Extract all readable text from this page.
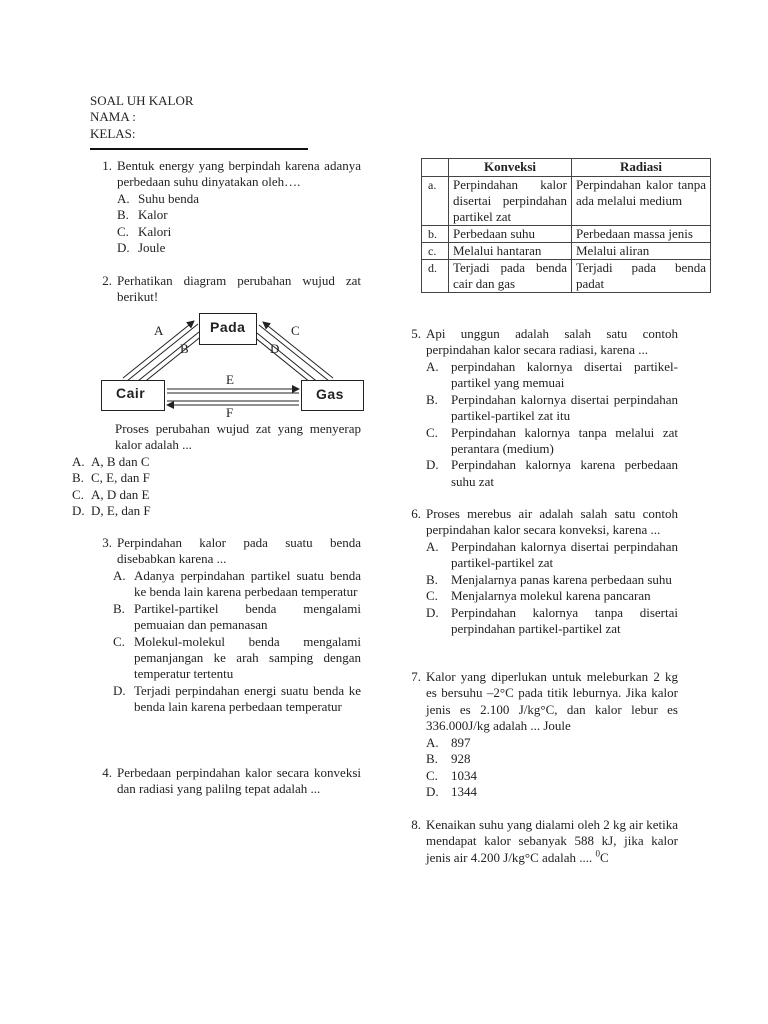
SOAL UH KALOR
NAMA :
KELAS:
1. Bentuk energy yang berpindah karena adanya perbedaan suhu dinyatakan oleh….
A. Suhu benda
B. Kalor
C. Kalori
D. Joule
2. Perhatikan diagram perubahan wujud zat berikut!
Pada
Cair	Gas
A
B
C
D
E
F
Proses perubahan wujud zat yang menyerap kalor adalah ...
A. A, B dan C
B. C, E, dan F
C. A, D dan E
D. D, E, dan F
3. Perpindahan kalor pada suatu benda disebabkan karena ...
A. Adanya perpindahan partikel suatu benda ke benda lain karena perbedaan temperatur
B. Partikel-partikel benda mengalami pemuaian dan pemanasan
C. Molekul-molekul benda mengalami pemanjangan ke arah samping dengan temperatur tertentu
D. Terjadi perpindahan energi suatu benda ke benda lain karena perbedaan temperatur
4. Perbedaan perpindahan kalor secara konveksi dan radiasi yang palilng tepat adalah ...
	Konveksi	Radiasi
a.	Perpindahan kalor disertai perpindahan partikel zat	Perpindahan kalor tanpa ada melalui medium
b.	Perbedaan suhu	Perbedaan massa jenis
c.	Melalui hantaran	Melalui aliran
d.	Terjadi pada benda cair dan gas	Terjadi pada benda padat
5. Api unggun adalah salah satu contoh perpindahan kalor secara radiasi, karena ...
A. perpindahan kalornya disertai partikel-partikel yang memuai
B. Perpindahan kalornya disertai perpindahan partikel-partikel zat itu
C. Perpindahan kalornya tanpa melalui zat perantara (medium)
D. Perpindahan kalornya karena perbedaan suhu zat
6. Proses merebus air adalah salah satu contoh perpindahan kalor secara konveksi, karena ...
A. Perpindahan kalornya disertai perpindahan partikel-partikel zat
B. Menjalarnya panas karena perbedaan suhu
C. Menjalarnya molekul karena pancaran
D. Perpindahan kalornya tanpa disertai perpindahan partikel-partikel zat
7. Kalor yang diperlukan untuk meleburkan 2 kg es bersuhu –2°C pada titik leburnya. Jika kalor jenis es 2.100 J/kg°C, dan kalor lebur es 336.000J/kg adalah ... Joule
A. 897
B. 928
C. 1034
D. 1344
8. Kenaikan suhu yang dialami oleh 2 kg air ketika mendapat kalor sebanyak 588 kJ, jika kalor jenis air 4.200 J/kg°C adalah .... $^0$C
